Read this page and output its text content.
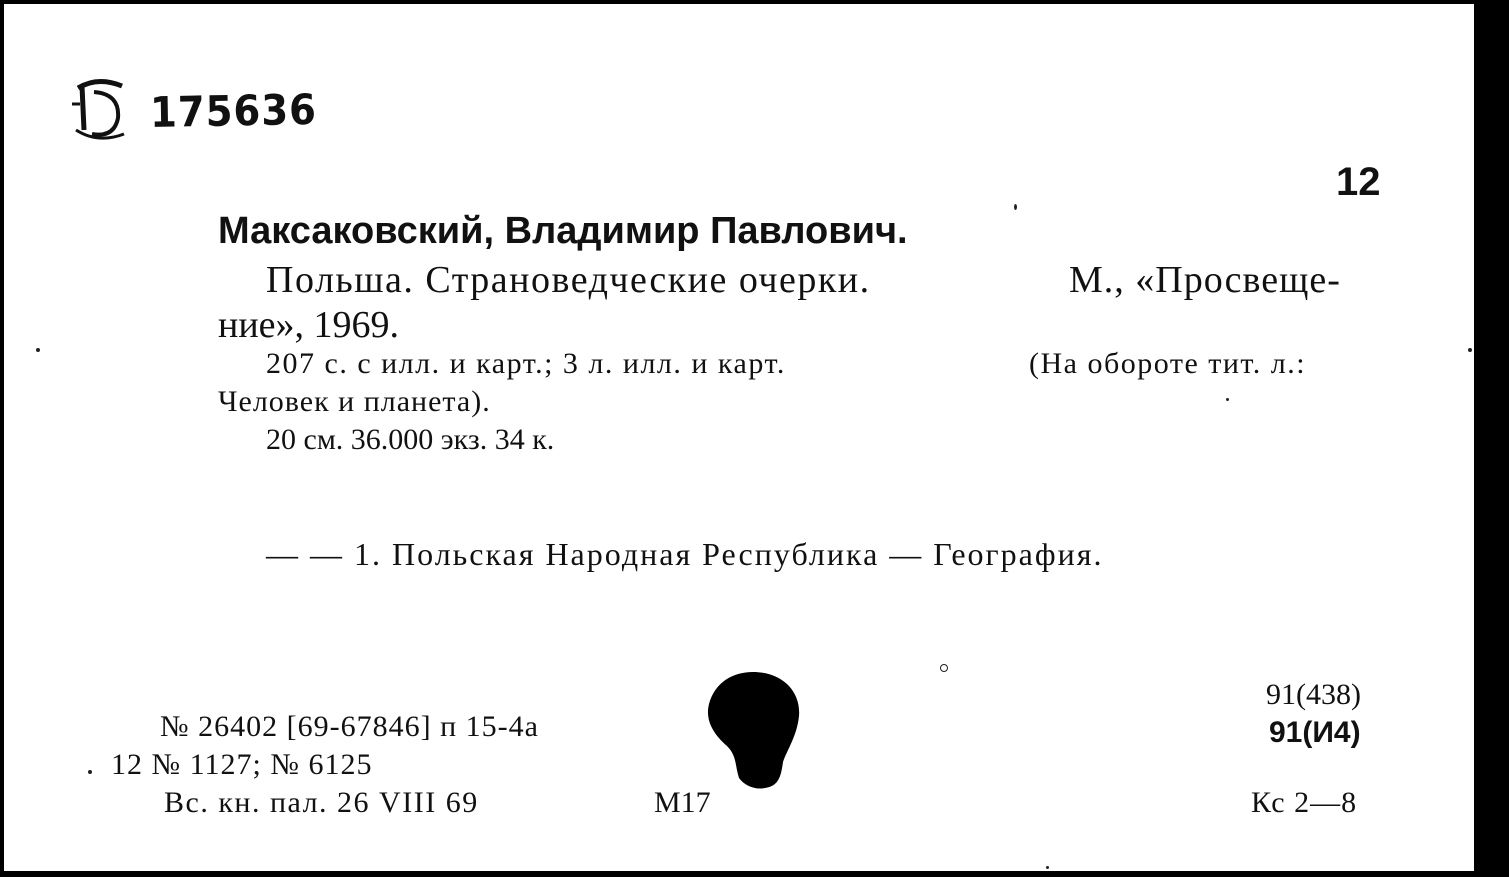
175636
12
Максаковский, Владимир Павлович.
Польша. Страноведческие очерки.	М., «Просвеще-
ние», 1969.
207 с. с илл. и карт.; 3 л. илл. и карт.	(На обороте тит. л.:
Человек и планета).
20 см. 36.000 экз. 34 к.
— — 1. Польская Народная Республика — География.
№ 26402 [69-67846] п 15-4а
12 № 1127; № 6125
Вс. кн. пал. 26 VIII 69	М17
91(438)
91(И4)
Кс 2—8
